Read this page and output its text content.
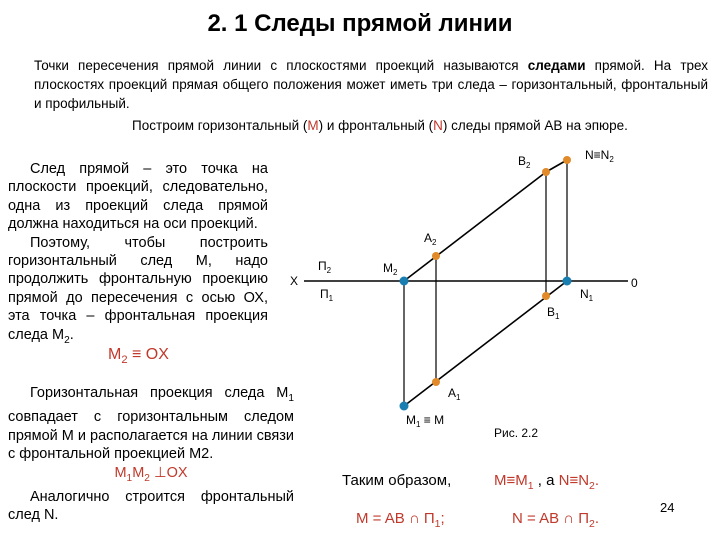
2. 1 Следы прямой линии
Точки пересечения прямой линии с плоскостями проекций называются следами прямой. На трех плоскостях проекций прямая общего положения может иметь три следа – горизонтальный, фронтальный и профильный.
Построим горизонтальный (М) и фронтальный (N) следы прямой АВ на эпюре.

След прямой – это точка на плоскости проекций, следовательно, одна из проекций следа прямой должна находиться на оси проекций.

Поэтому, чтобы построить горизонтальный след М, надо продолжить фронтальную проекцию прямой до пересечения с осью ОХ, эта точка – фронтальная проекция следа $М_2$.

$M_2$ ≡ OX

Горизонтальная проекция следа $М_1$ совпадает с горизонтальным следом прямой М и располагается на линии связи с фронтальной проекцией М2.

$М_1М_2$ ⊥OX

Аналогично строится фронтальный след N.

X	0
$П_2$
$П_1$
$B_2$
$A_2$
$M_2$
$N\equiv N_2$
$N_1$
$B_1$
$A_1$
$M_1 \equiv M$
Рис. 2.2
Таким образом,	$M\equiv M_1$ , а $N\equiv N_2$.
M = AB ∩ $П_1$;	N = AB ∩ $П_2$.
24
